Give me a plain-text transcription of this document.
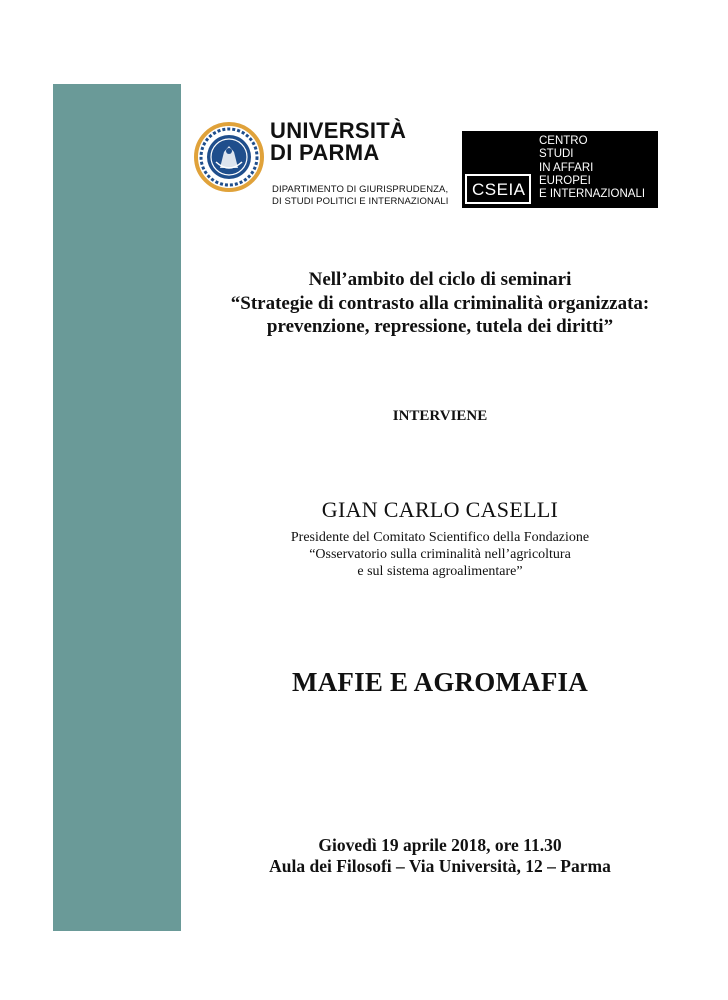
UNIVERSITÀ
DI PARMA
DIPARTIMENTO DI GIURISPRUDENZA,
DI STUDI POLITICI E INTERNAZIONALI
CSEIA
CENTRO
STUDI
IN AFFARI
EUROPEI
E INTERNAZIONALI
Nell’ambito del ciclo di seminari
“Strategie di contrasto alla criminalità organizzata:
prevenzione, repressione, tutela dei diritti”
INTERVIENE
GIAN CARLO CASELLI
Presidente del Comitato Scientifico della Fondazione
“Osservatorio sulla criminalità nell’agricoltura
e sul sistema agroalimentare”
MAFIE E AGROMAFIA
Giovedì 19 aprile 2018, ore 11.30
Aula dei Filosofi – Via Università, 12 – Parma
